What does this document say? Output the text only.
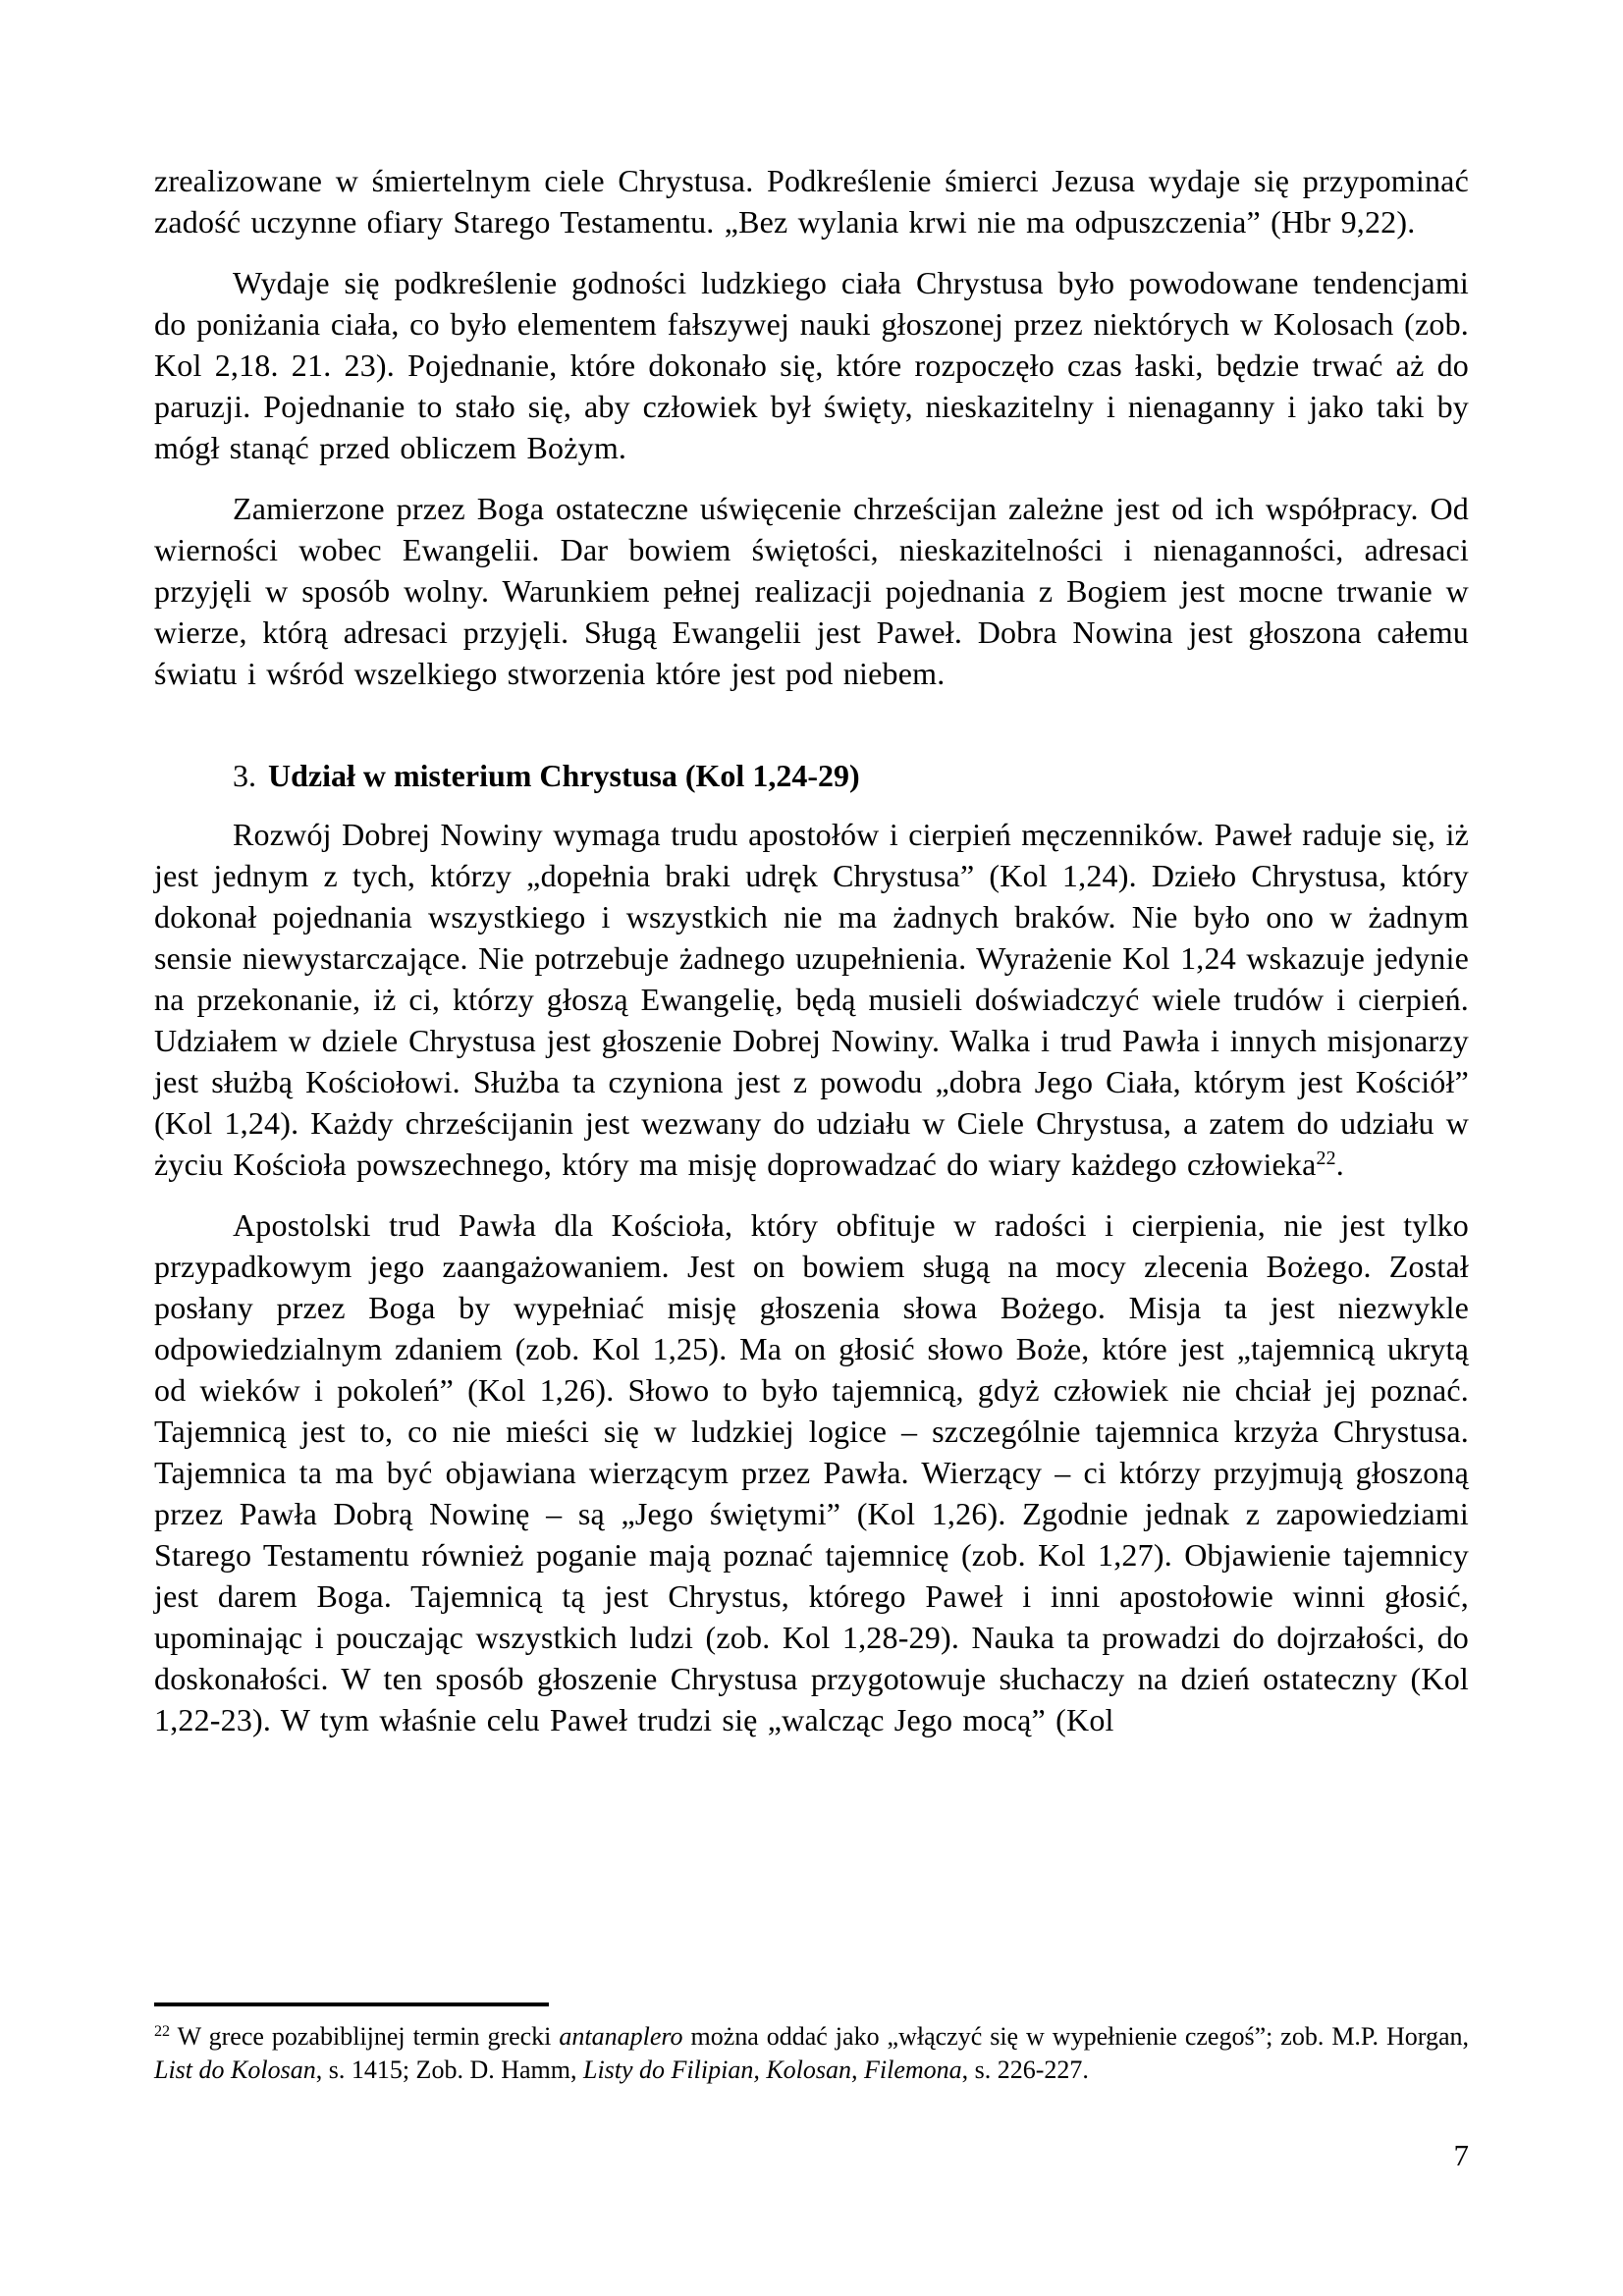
zrealizowane w śmiertelnym ciele Chrystusa. Podkreślenie śmierci Jezusa wydaje się przypominać zadość uczynne ofiary Starego Testamentu. „Bez wylania krwi nie ma odpuszczenia” (Hbr 9,22).

Wydaje się podkreślenie godności ludzkiego ciała Chrystusa było powodowane tendencjami do poniżania ciała, co było elementem fałszywej nauki głoszonej przez niektórych w Kolosach (zob. Kol 2,18. 21. 23). Pojednanie, które dokonało się, które rozpoczęło czas łaski, będzie trwać aż do paruzji. Pojednanie to stało się, aby człowiek był święty, nieskazitelny i nienaganny i jako taki by mógł stanąć przed obliczem Bożym.

Zamierzone przez Boga ostateczne uświęcenie chrześcijan zależne jest od ich współpracy. Od wierności wobec Ewangelii. Dar bowiem świętości, nieskazitelności i nienaganności, adresaci przyjęli w sposób wolny. Warunkiem pełnej realizacji pojednania z Bogiem jest mocne trwanie w wierze, którą adresaci przyjęli. Sługą Ewangelii jest Paweł. Dobra Nowina jest głoszona całemu światu i wśród wszelkiego stworzenia które jest pod niebem.

3. Udział w misterium Chrystusa (Kol 1,24-29)

Rozwój Dobrej Nowiny wymaga trudu apostołów i cierpień męczenników. Paweł raduje się, iż jest jednym z tych, którzy „dopełnia braki udręk Chrystusa” (Kol 1,24). Dzieło Chrystusa, który dokonał pojednania wszystkiego i wszystkich nie ma żadnych braków. Nie było ono w żadnym sensie niewystarczające. Nie potrzebuje żadnego uzupełnienia. Wyrażenie Kol 1,24 wskazuje jedynie na przekonanie, iż ci, którzy głoszą Ewangelię, będą musieli doświadczyć wiele trudów i cierpień. Udziałem w dziele Chrystusa jest głoszenie Dobrej Nowiny. Walka i trud Pawła i innych misjonarzy jest służbą Kościołowi. Służba ta czyniona jest z powodu „dobra Jego Ciała, którym jest Kościół” (Kol 1,24). Każdy chrześcijanin jest wezwany do udziału w Ciele Chrystusa, a zatem do udziału w życiu Kościoła powszechnego, który ma misję doprowadzać do wiary każdego człowieka$^{22}$.

Apostolski trud Pawła dla Kościoła, który obfituje w radości i cierpienia, nie jest tylko przypadkowym jego zaangażowaniem. Jest on bowiem sługą na mocy zlecenia Bożego. Został posłany przez Boga by wypełniać misję głoszenia słowa Bożego. Misja ta jest niezwykle odpowiedzialnym zdaniem (zob. Kol 1,25). Ma on głosić słowo Boże, które jest „tajemnicą ukrytą od wieków i pokoleń” (Kol 1,26). Słowo to było tajemnicą, gdyż człowiek nie chciał jej poznać. Tajemnicą jest to, co nie mieści się w ludzkiej logice – szczególnie tajemnica krzyża Chrystusa. Tajemnica ta ma być objawiana wierzącym przez Pawła. Wierzący – ci którzy przyjmują głoszoną przez Pawła Dobrą Nowinę – są „Jego świętymi” (Kol 1,26). Zgodnie jednak z zapowiedziami Starego Testamentu również poganie mają poznać tajemnicę (zob. Kol 1,27). Objawienie tajemnicy jest darem Boga. Tajemnicą tą jest Chrystus, którego Paweł i inni apostołowie winni głosić, upominając i pouczając wszystkich ludzi (zob. Kol 1,28-29). Nauka ta prowadzi do dojrzałości, do doskonałości. W ten sposób głoszenie Chrystusa przygotowuje słuchaczy na dzień ostateczny (Kol 1,22-23). W tym właśnie celu Paweł trudzi się „walcząc Jego mocą” (Kol

$^{22}$ W grece pozabiblijnej termin grecki antanaplero można oddać jako „włączyć się w wypełnienie czegoś”; zob. M.P. Horgan, List do Kolosan, s. 1415; Zob. D. Hamm, Listy do Filipian, Kolosan, Filemona, s. 226-227.

7
